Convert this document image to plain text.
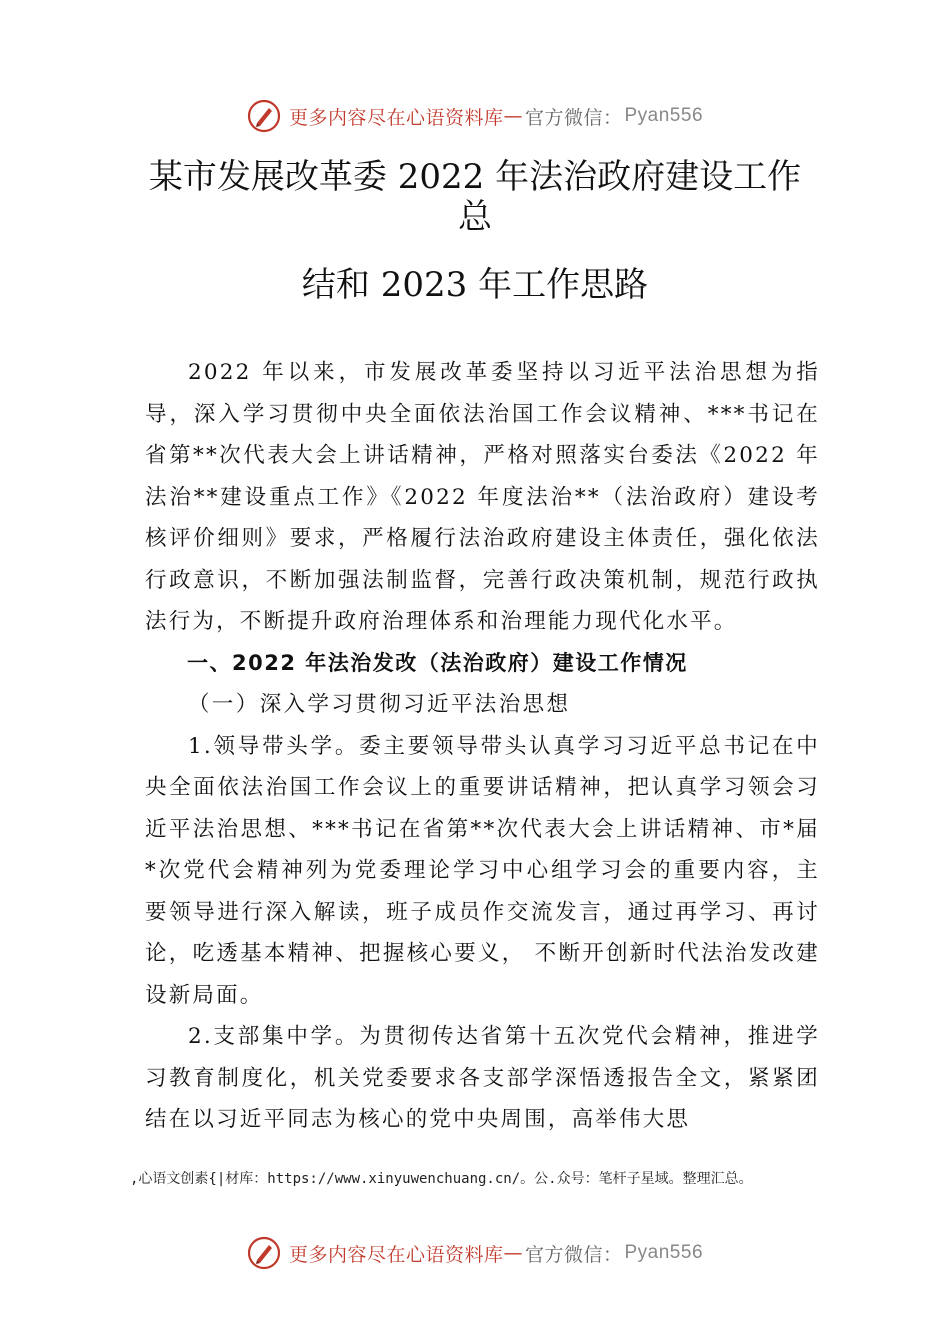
更多内容尽在心语资料库 — 官方微信： Pyan556
某市发展改革委 2022 年法治政府建设工作
总
结和 2023 年工作思路

2022 年以来，市发展改革委坚持以习近平法治思想为指导，深入学习贯彻中央全面依法治国工作会议精神、***书记在省第**次代表大会上讲话精神，严格对照落实台委法《2022 年法治**建设重点工作》《2022 年度法治**（法治政府）建设考核评价细则》要求，严格履行法治政府建设主体责任，强化依法行政意识，不断加强法制监督，完善行政决策机制，规范行政执法行为，不断提升政府治理体系和治理能力现代化水平。

一、2022 年法治发改（法治政府）建设工作情况

（一）深入学习贯彻习近平法治思想

1.领导带头学。委主要领导带头认真学习习近平总书记在中央全面依法治国工作会议上的重要讲话精神，把认真学习领会习近平法治思想、***书记在省第**次代表大会上讲话精神、市*届*次党代会精神列为党委理论学习中心组学习会的重要内容，主要领导进行深入解读，班子成员作交流发言，通过再学习、再讨论，吃透基本精神、把握核心要义， 不断开创新时代法治发改建设新局面。

2.支部集中学。为贯彻传达省第十五次党代会精神，推进学习教育制度化，机关党委要求各支部学深悟透报告全文，紧紧团结在以习近平同志为核心的党中央周围，高举伟大思

,心语文创素{|材库：https://www.xinyuwenchuang.cn/。公.众号：笔杆子星域。整理汇总。
更多内容尽在心语资料库 — 官方微信： Pyan556
